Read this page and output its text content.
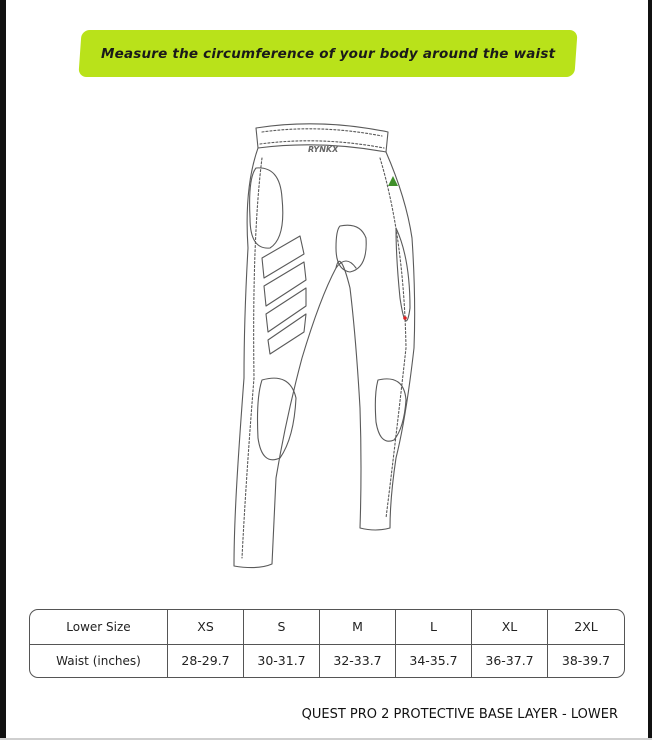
Measure the circumference of your body around the waist
RYNKX
Lower Size	XS	S	M	L	XL	2XL
Waist (inches)	28-29.7	30-31.7	32-33.7	34-35.7	36-37.7	38-39.7
QUEST PRO 2 PROTECTIVE BASE LAYER - LOWER
